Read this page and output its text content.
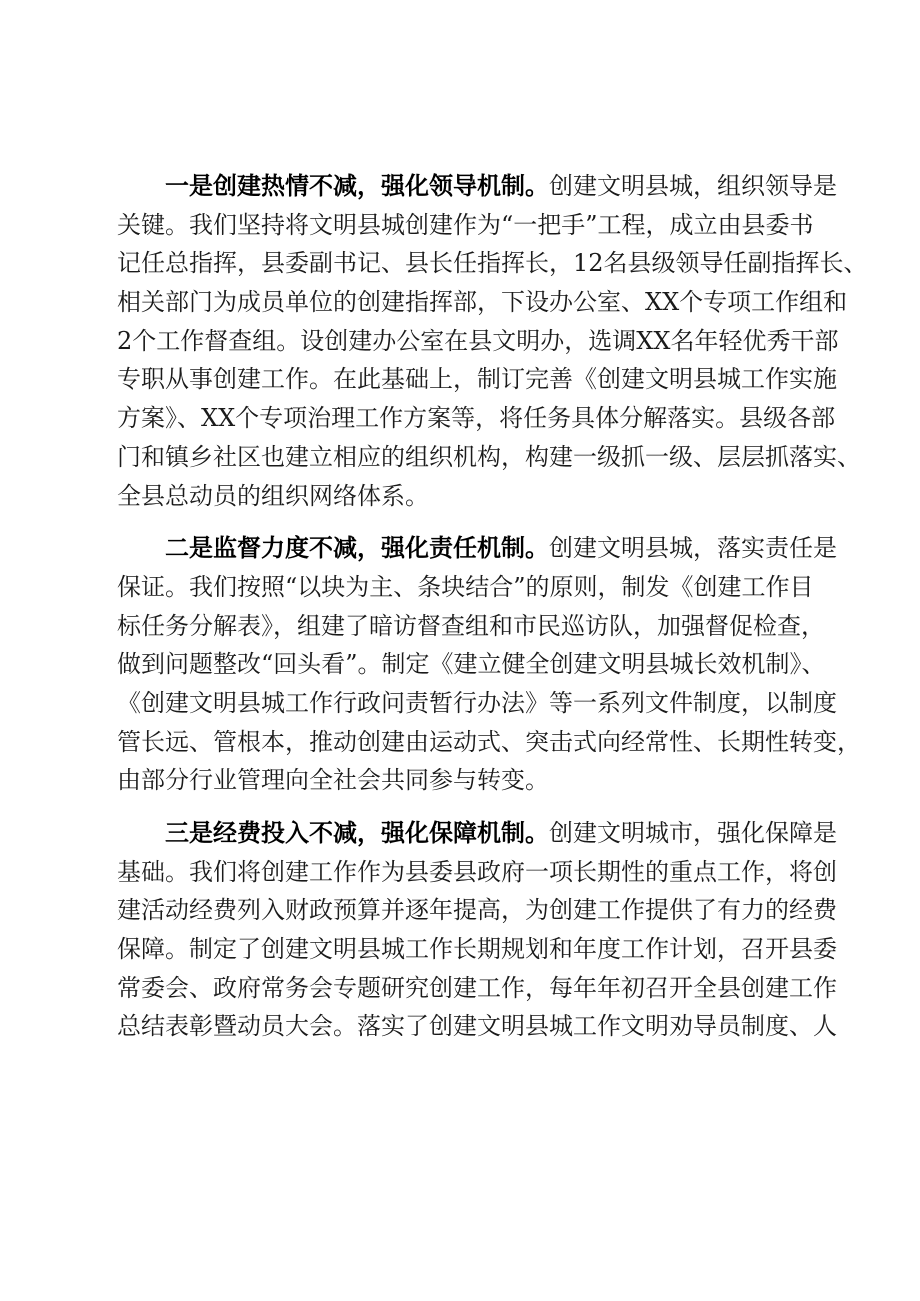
一是创建热情不减，强化领导机制。创建文明县城，组织领导是
关键。我们坚持将文明县城创建作为“一把手”工程，成立由县委书
记任总指挥，县委副书记、县长任指挥长，12名县级领导任副指挥长、
相关部门为成员单位的创建指挥部，下设办公室、XX个专项工作组和
2个工作督查组。设创建办公室在县文明办，选调XX名年轻优秀干部
专职从事创建工作。在此基础上，制订完善《创建文明县城工作实施
方案》、XX个专项治理工作方案等，将任务具体分解落实。县级各部
门和镇乡社区也建立相应的组织机构，构建一级抓一级、层层抓落实、
全县总动员的组织网络体系。
二是监督力度不减，强化责任机制。创建文明县城，落实责任是
保证。我们按照“以块为主、条块结合”的原则，制发《创建工作目
标任务分解表》，组建了暗访督查组和市民巡访队，加强督促检查，
做到问题整改“回头看”。制定《建立健全创建文明县城长效机制》、
《创建文明县城工作行政问责暂行办法》等一系列文件制度，以制度
管长远、管根本，推动创建由运动式、突击式向经常性、长期性转变，
由部分行业管理向全社会共同参与转变。
三是经费投入不减，强化保障机制。创建文明城市，强化保障是
基础。我们将创建工作作为县委县政府一项长期性的重点工作，将创
建活动经费列入财政预算并逐年提高，为创建工作提供了有力的经费
保障。制定了创建文明县城工作长期规划和年度工作计划，召开县委
常委会、政府常务会专题研究创建工作，每年年初召开全县创建工作
总结表彰暨动员大会。落实了创建文明县城工作文明劝导员制度、人
